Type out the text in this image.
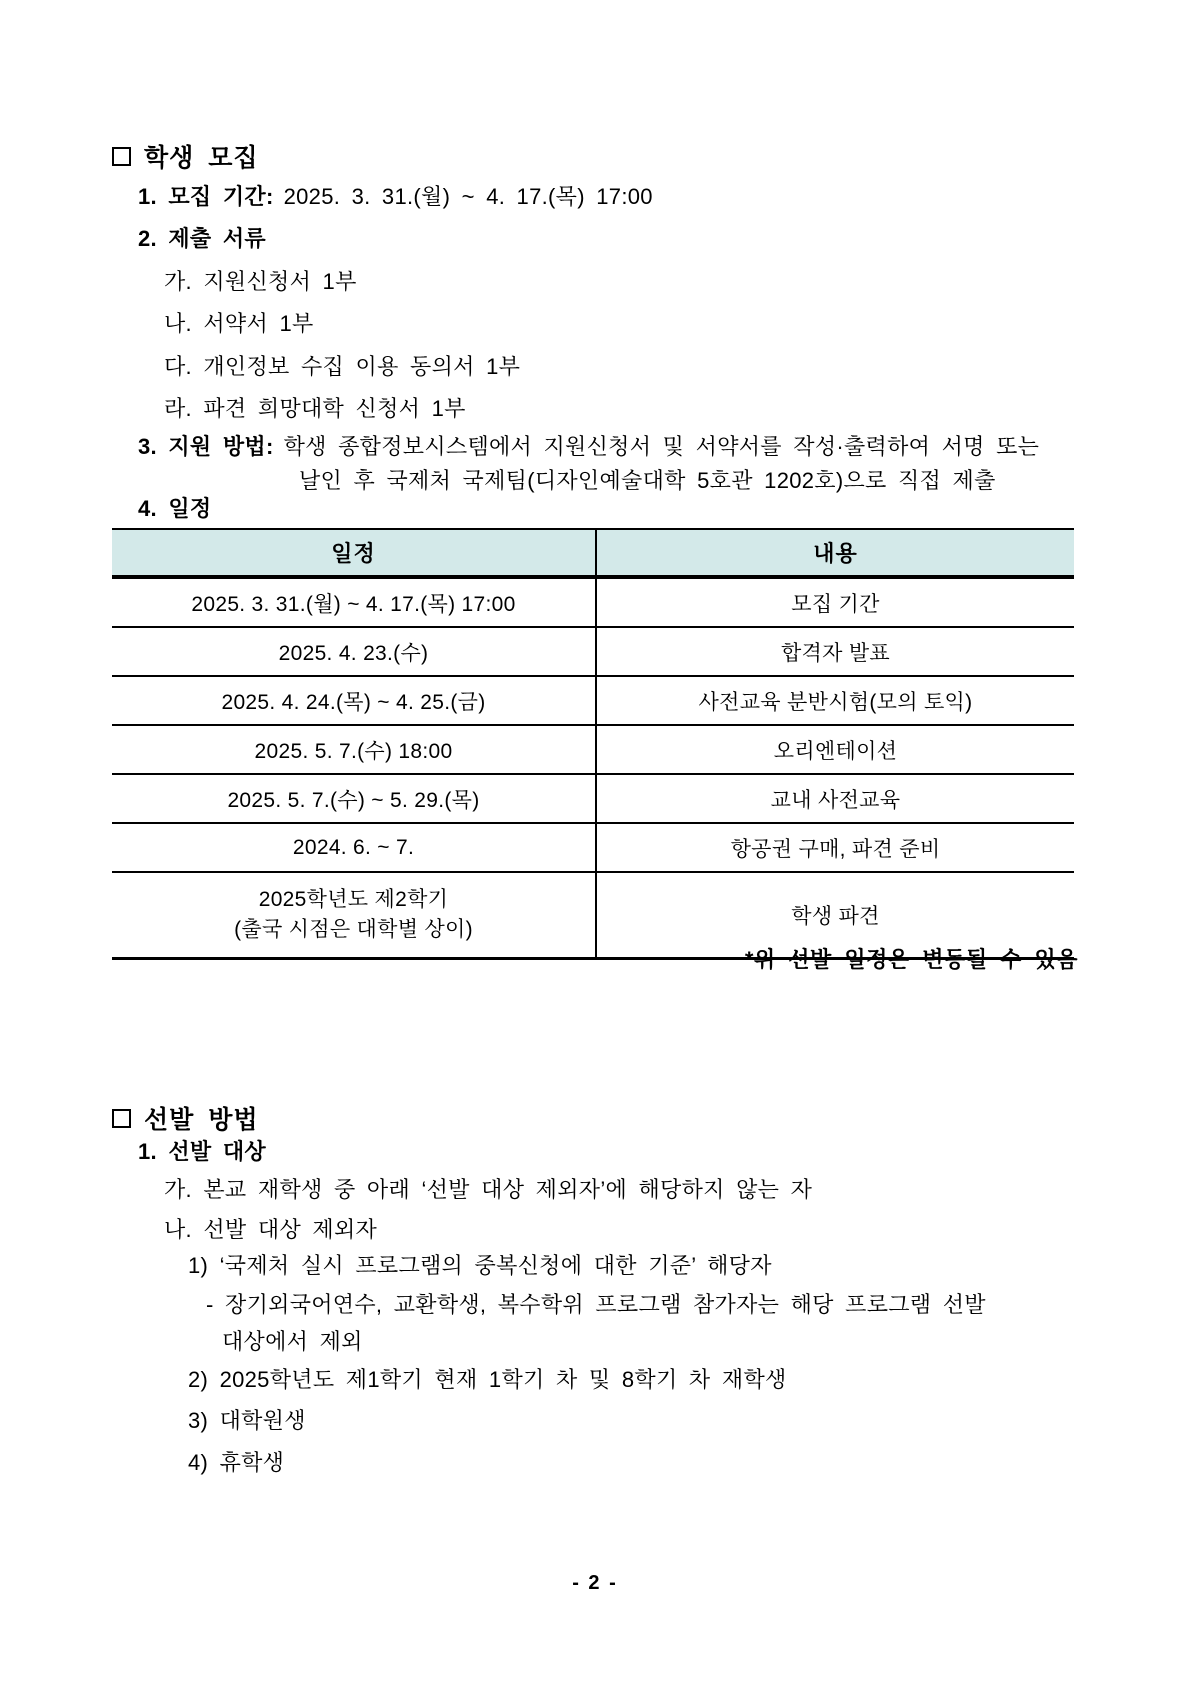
학생 모집
1. 모집 기간: 2025. 3. 31.(월) ~ 4. 17.(목) 17:00
2. 제출 서류
가. 지원신청서 1부
나. 서약서 1부
다. 개인정보 수집 이용 동의서 1부
라. 파견 희망대학 신청서 1부
3. 지원 방법: 학생 종합정보시스템에서 지원신청서 및 서약서를 작성·출력하여 서명 또는
날인 후 국제처 국제팀(디자인예술대학 5호관 1202호)으로 직접 제출
4. 일정
일정	내용
2025. 3. 31.(월) ~ 4. 17.(목) 17:00	모집 기간
2025. 4. 23.(수)	합격자 발표
2025. 4. 24.(목) ~ 4. 25.(금)	사전교육 분반시험(모의 토익)
2025. 5. 7.(수) 18:00	오리엔테이션
2025. 5. 7.(수) ~ 5. 29.(목)	교내 사전교육
2024. 6. ~ 7.	항공권 구매, 파견 준비

2025학년도 제2학기
(출국 시점은 대학별 상이)	학생 파견
*위 선발 일정은 변동될 수 있음
선발 방법
1. 선발 대상
가. 본교 재학생 중 아래 ‘선발 대상 제외자’에 해당하지 않는 자
나. 선발 대상 제외자
1) ‘국제처 실시 프로그램의 중복신청에 대한 기준’ 해당자
- 장기외국어연수, 교환학생, 복수학위 프로그램 참가자는 해당 프로그램 선발
대상에서 제외
2) 2025학년도 제1학기 현재 1학기 차 및 8학기 차 재학생
3) 대학원생
4) 휴학생
- 2 -
